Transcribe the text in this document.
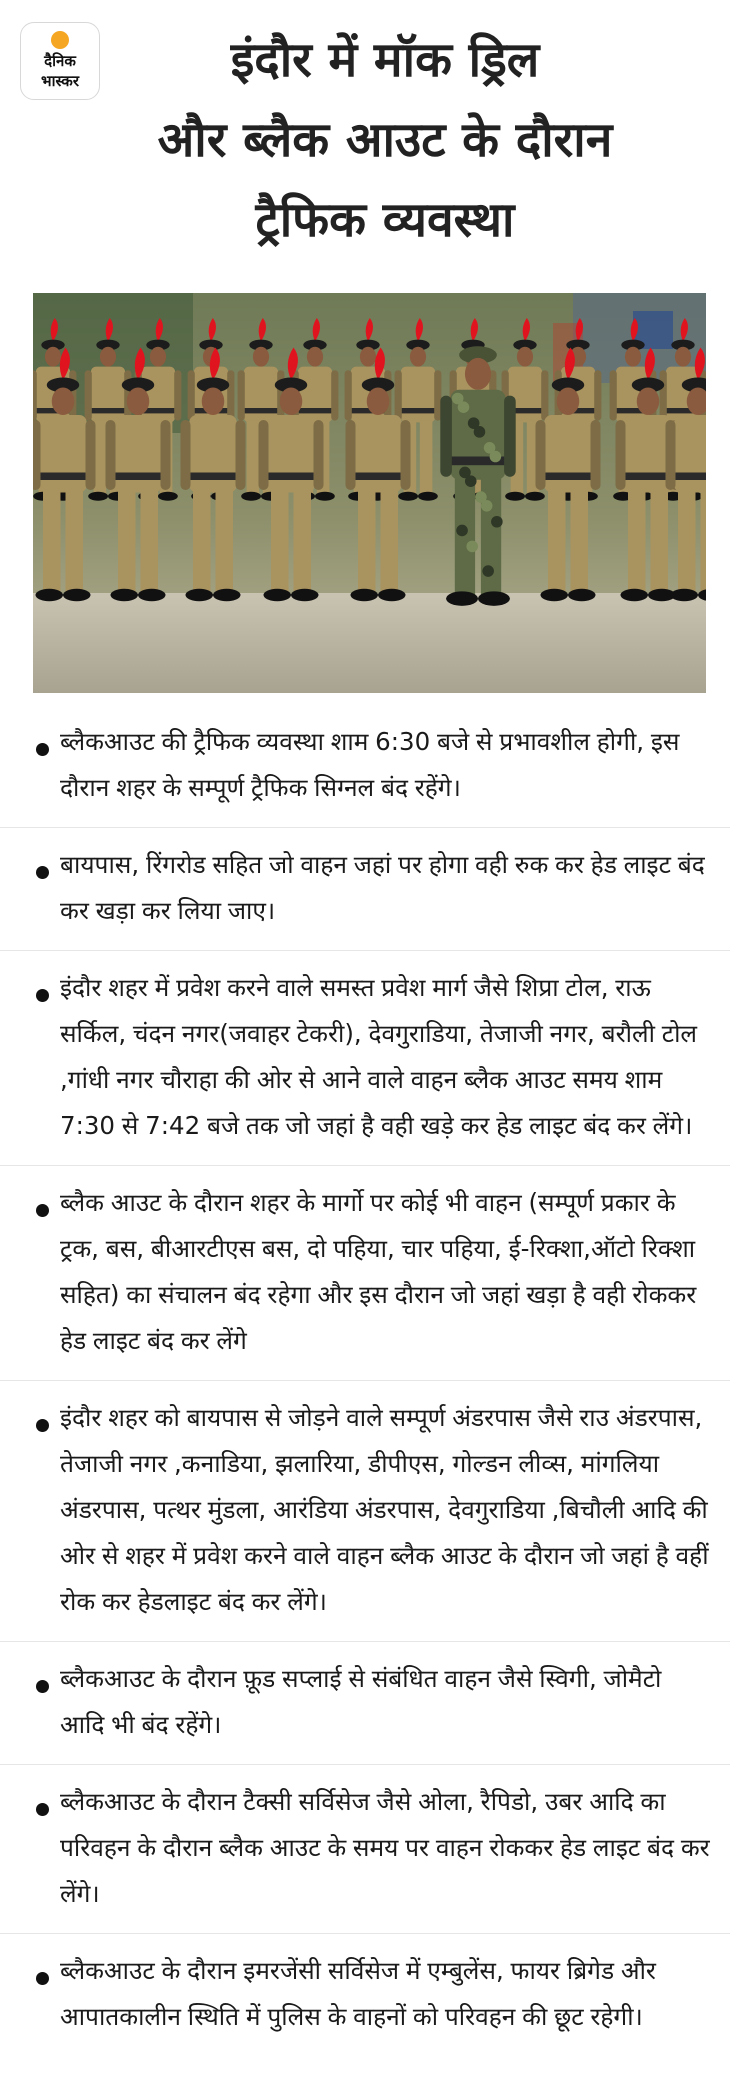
दैनिक
भास्कर	इंदौर में मॉक ड्रिल
और ब्लैक आउट के दौरान
ट्रैफिक व्यवस्था
ब्लैकआउट की ट्रैफिक व्यवस्था शाम 6:30 बजे से प्रभावशील होगी, इस दौरान शहर के सम्पूर्ण ट्रैफिक सिग्नल बंद रहेंगे।
बायपास, रिंगरोड सहित जो वाहन जहां पर होगा वही रुक कर हेड लाइट बंद कर खड़ा कर लिया जाए।
इंदौर शहर में प्रवेश करने वाले समस्त प्रवेश मार्ग जैसे शिप्रा टोल, राऊ सर्किल, चंदन नगर(जवाहर टेकरी), देवगुराडिया, तेजाजी नगर, बरौली टोल ,गांधी नगर चौराहा की ओर से आने वाले वाहन ब्लैक आउट समय शाम 7:30 से 7:42 बजे तक जो जहां है वही खड़े कर हेड लाइट बंद कर लेंगे।
ब्लैक आउट के दौरान शहर के मार्गो पर कोई भी वाहन (सम्पूर्ण प्रकार के ट्रक, बस, बीआरटीएस बस, दो पहिया, चार पहिया, ई-रिक्शा,ऑटो रिक्शा सहित) का संचालन बंद रहेगा और इस दौरान जो जहां खड़ा है वही रोककर हेड लाइट बंद कर लेंगे
इंदौर शहर को बायपास से जोड़ने वाले सम्पूर्ण अंडरपास जैसे राउ अंडरपास, तेजाजी नगर ,कनाडिया, झलारिया, डीपीएस, गोल्डन लीव्स, मांगलिया अंडरपास, पत्थर मुंडला, आरंडिया अंडरपास, देवगुराडिया ,बिचौली आदि की ओर से शहर में प्रवेश करने वाले वाहन ब्लैक आउट के दौरान जो जहां है वहीं रोक कर हेडलाइट बंद कर लेंगे।
ब्लैकआउट के दौरान फ़ूड सप्लाई से संबंधित वाहन जैसे स्विगी, जोमैटो आदि भी बंद रहेंगे।
ब्लैकआउट के दौरान टैक्सी सर्विसेज जैसे ओला, रैपिडो, उबर आदि का परिवहन के दौरान ब्लैक आउट के समय पर वाहन रोककर हेड लाइट बंद कर लेंगे।
ब्लैकआउट के दौरान इमरजेंसी सर्विसेज में एम्बुलेंस, फायर ब्रिगेड और आपातकालीन स्थिति में पुलिस के वाहनों को परिवहन की छूट रहेगी।
